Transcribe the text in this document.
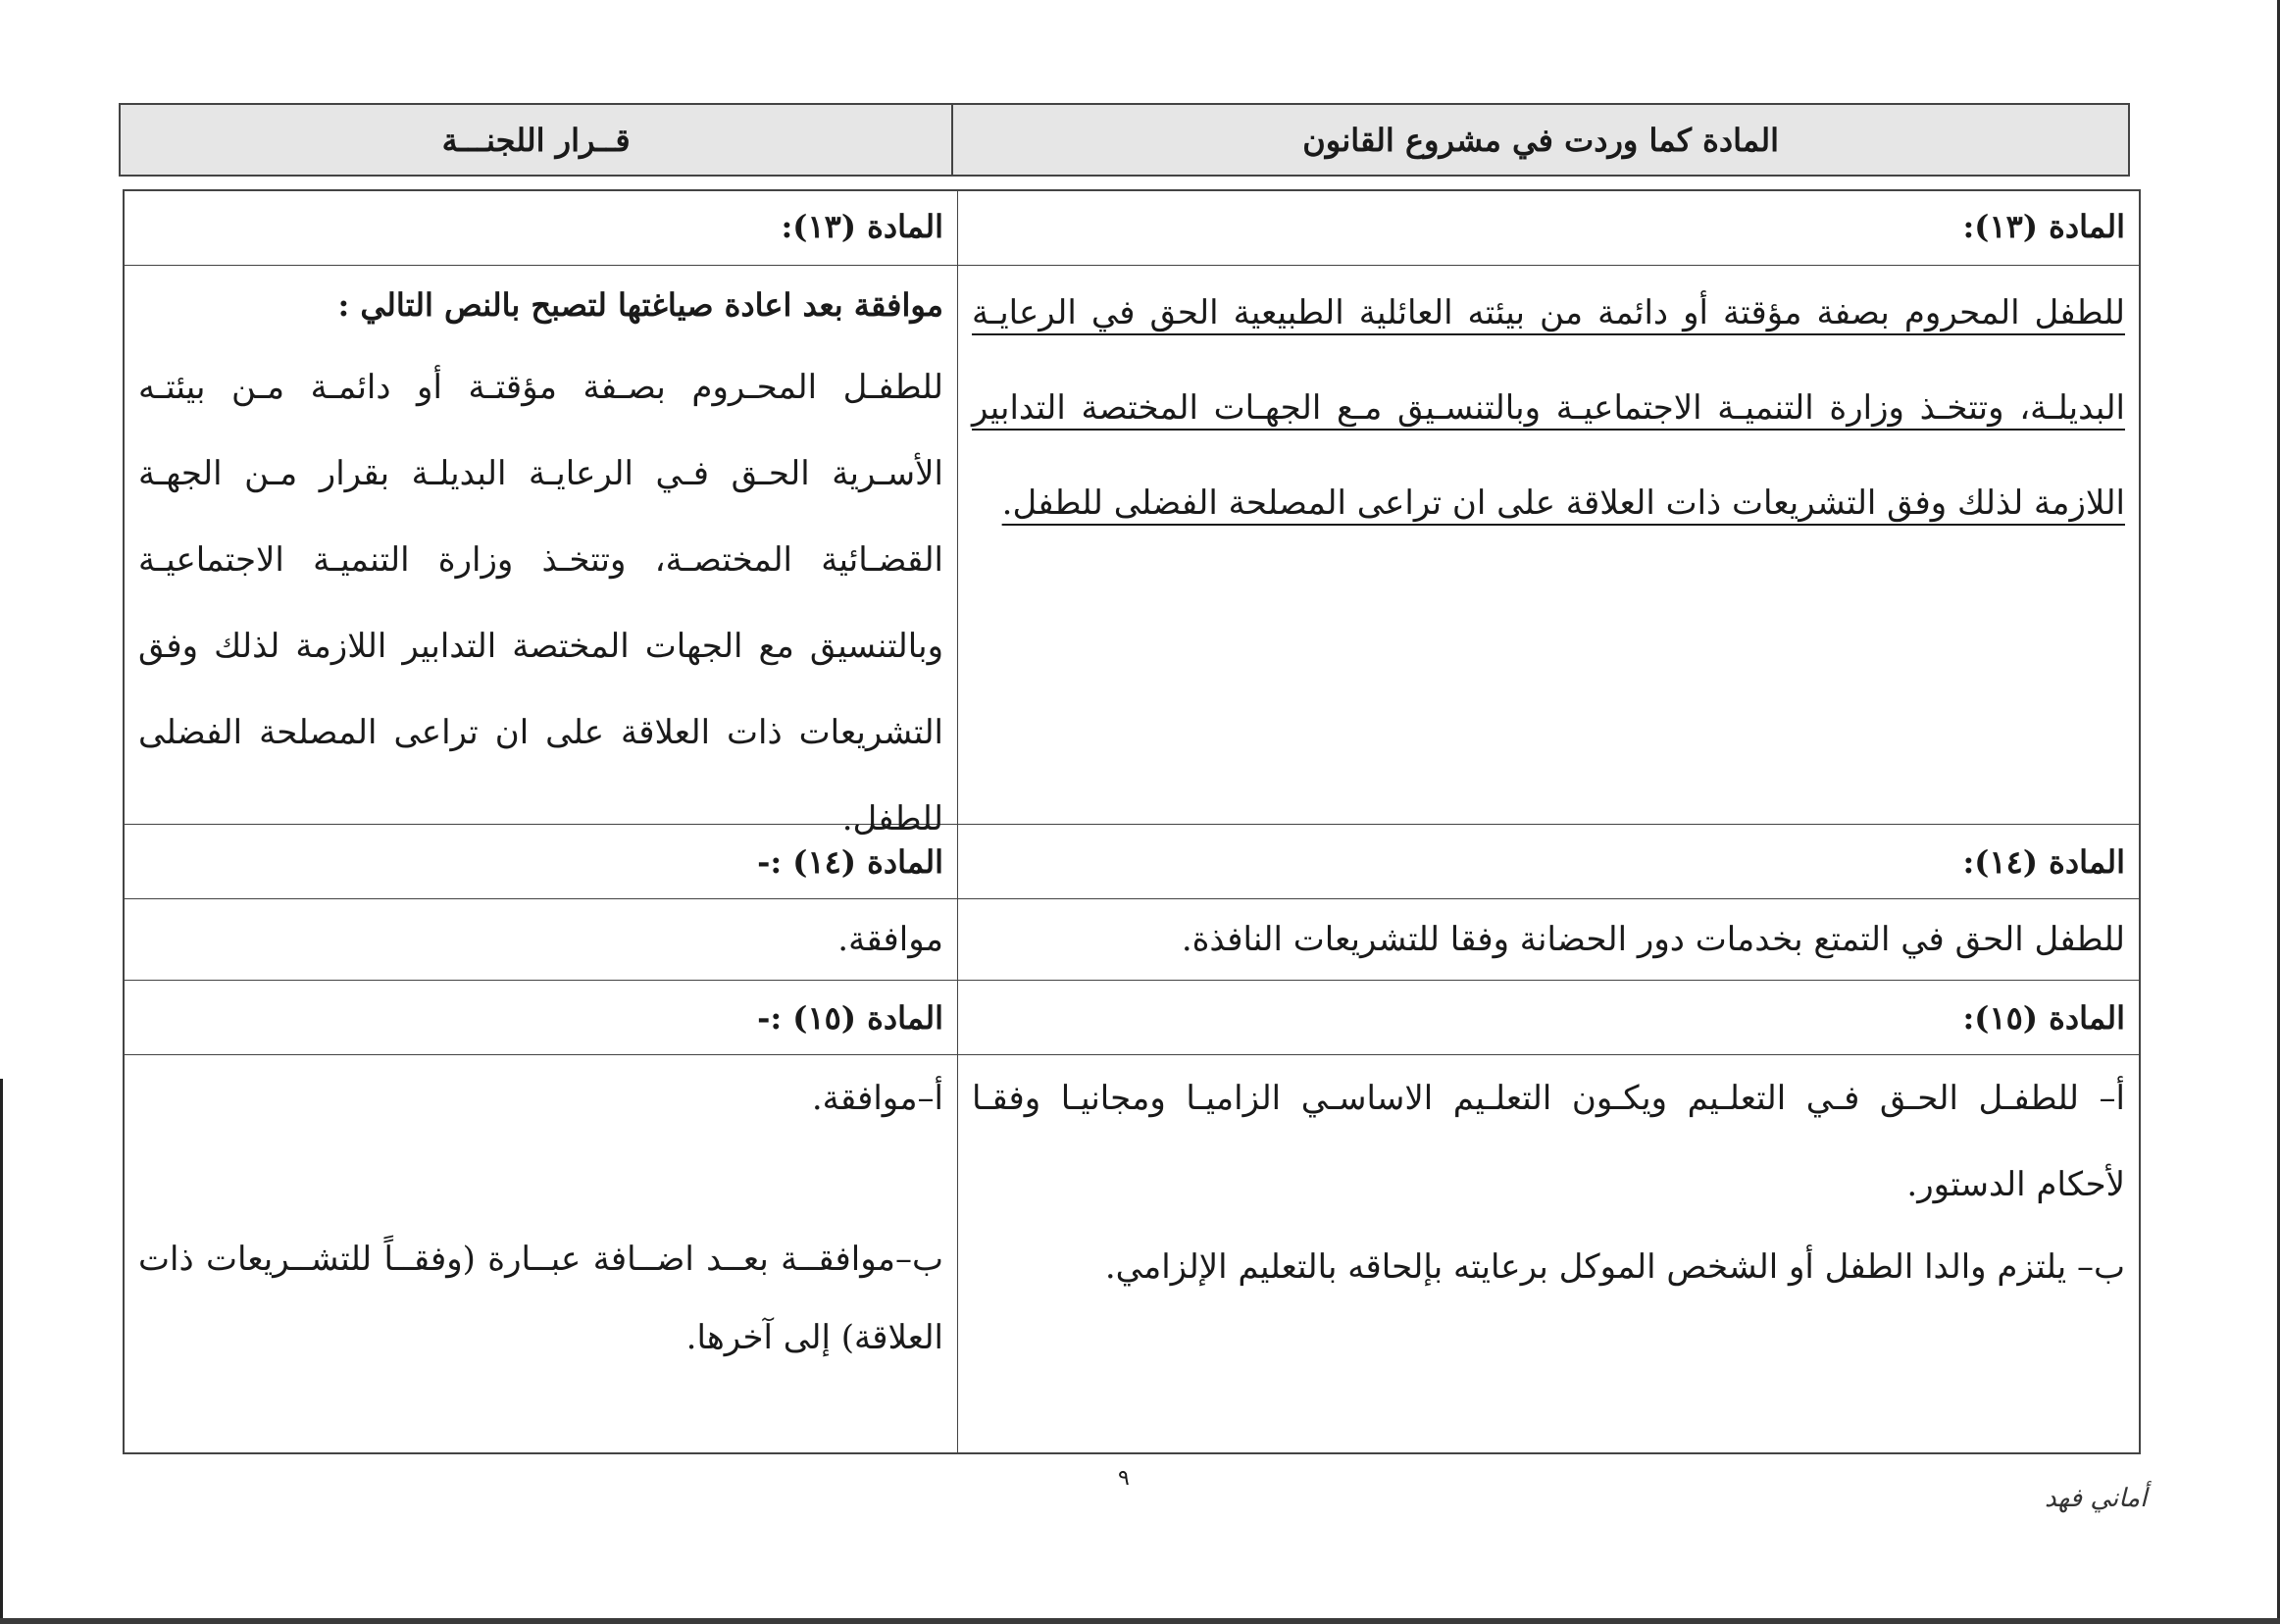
المادة كما وردت في مشروع القانون
قــرار اللجنـــة
المادة (١٣):
المادة (١٣):
للطفل المحروم بصفة مؤقتة أو دائمة من بيئته العائلية الطبيعية الحق في الرعايـة البديلـة، وتتخـذ وزارة التنميـة الاجتماعيـة وبالتنسـيق مـع الجهـات المختصة التدابير اللازمة لذلك وفق التشريعات ذات العلاقة على ان تراعى المصلحة الفضلى للطفل.
موافقة بعد اعادة صياغتها لتصبح بالنص التالي :
للطفـل المحـروم بصـفة مؤقتـة أو دائمـة مـن بيئتـه الأسـرية الحـق فـي الرعايـة البديلـة بقرار مـن الجهـة القضـائية المختصـة، وتتخـذ وزارة التنميـة الاجتماعيـة وبالتنسيق مع الجهات المختصة التدابير اللازمة لذلك وفق التشريعات ذات العلاقة على ان تراعى المصلحة الفضلى للطفل.
المادة (١٤):
المادة (١٤) :-
للطفل الحق في التمتع بخدمات دور الحضانة وفقا للتشريعات النافذة.
موافقة.
المادة (١٥):
المادة (١٥) :-
أ– للطفـل الحـق فـي التعلـيم ويكـون التعلـيم الاساسـي الزاميـا ومجانيـا وفقـا لأحكام الدستور.
ب– يلتزم والدا الطفل أو الشخص الموكل برعايته بإلحاقه بالتعليم الإلزامي.
أ–موافقة.
ب–موافقــة بعــد اضــافة عبــارة (وفقــاً للتشــريعات ذات العلاقة) إلى آخرها.
٩
أماني فهد
